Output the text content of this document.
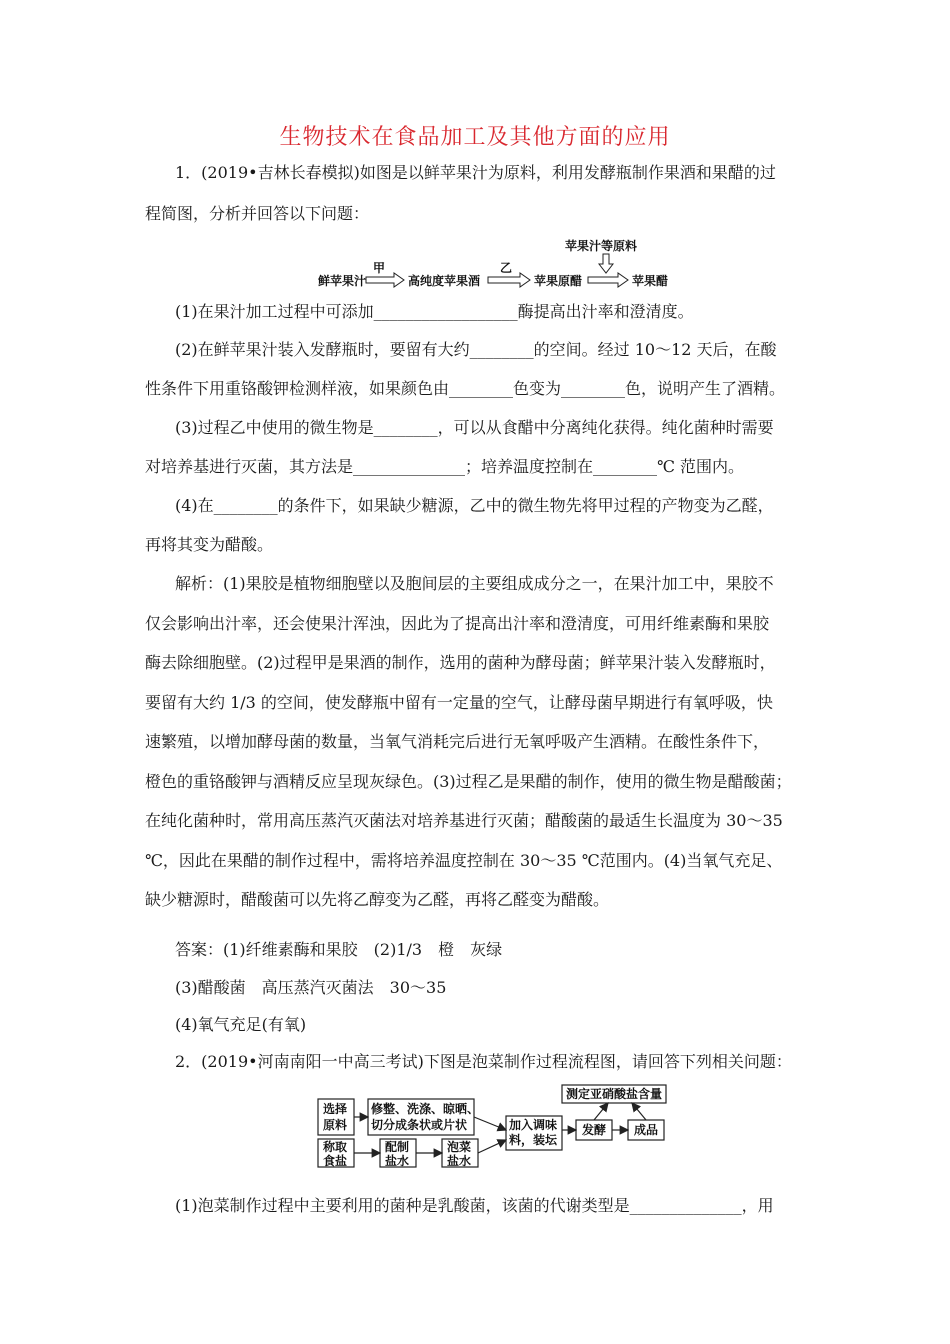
生物技术在食品加工及其他方面的应用
1．(2019•吉林长春模拟)如图是以鲜苹果汁为原料，利用发酵瓶制作果酒和果醋的过
程简图，分析并回答以下问题：
苹果汁等原料
鲜苹果汁
甲
高纯度苹果酒
乙
苹果原醋	苹果醋
(1)在果汁加工过程中可添加__________________酶提高出汁率和澄清度。
(2)在鲜苹果汁装入发酵瓶时，要留有大约________的空间。经过 10～12 天后，在酸
性条件下用重铬酸钾检测样液，如果颜色由________色变为________色，说明产生了酒精。
(3)过程乙中使用的微生物是________，可以从食醋中分离纯化获得。纯化菌种时需要
对培养基进行灭菌，其方法是______________；培养温度控制在________℃ 范围内。
(4)在________的条件下，如果缺少糖源，乙中的微生物先将甲过程的产物变为乙醛，
再将其变为醋酸。
解析：(1)果胶是植物细胞壁以及胞间层的主要组成成分之一，在果汁加工中，果胶不
仅会影响出汁率，还会使果汁浑浊，因此为了提高出汁率和澄清度，可用纤维素酶和果胶
酶去除细胞壁。(2)过程甲是果酒的制作，选用的菌种为酵母菌；鲜苹果汁装入发酵瓶时，
要留有大约 1/3 的空间，使发酵瓶中留有一定量的空气，让酵母菌早期进行有氧呼吸，快
速繁殖，以增加酵母菌的数量，当氧气消耗完后进行无氧呼吸产生酒精。在酸性条件下，
橙色的重铬酸钾与酒精反应呈现灰绿色。(3)过程乙是果醋的制作，使用的微生物是醋酸菌；
在纯化菌种时，常用高压蒸汽灭菌法对培养基进行灭菌；醋酸菌的最适生长温度为 30～35
℃，因此在果醋的制作过程中，需将培养温度控制在 30～35 ℃范围内。(4)当氧气充足、
缺少糖源时，醋酸菌可以先将乙醇变为乙醛，再将乙醛变为醋酸。
答案：(1)纤维素酶和果胶　(2)1/3　橙　灰绿
(3)醋酸菌　高压蒸汽灭菌法　30～35
(4)氧气充足(有氧)
2．(2019•河南南阳一中高三考试)下图是泡菜制作过程流程图，请回答下列相关问题：
选择
原料
修整、洗涤、晾晒、
切分成条状或片状
称取
食盐
配制
盐水
泡菜
盐水
加入调味
料，装坛
发酵 成品
测定亚硝酸盐含量
(1)泡菜制作过程中主要利用的菌种是乳酸菌，该菌的代谢类型是______________，用
